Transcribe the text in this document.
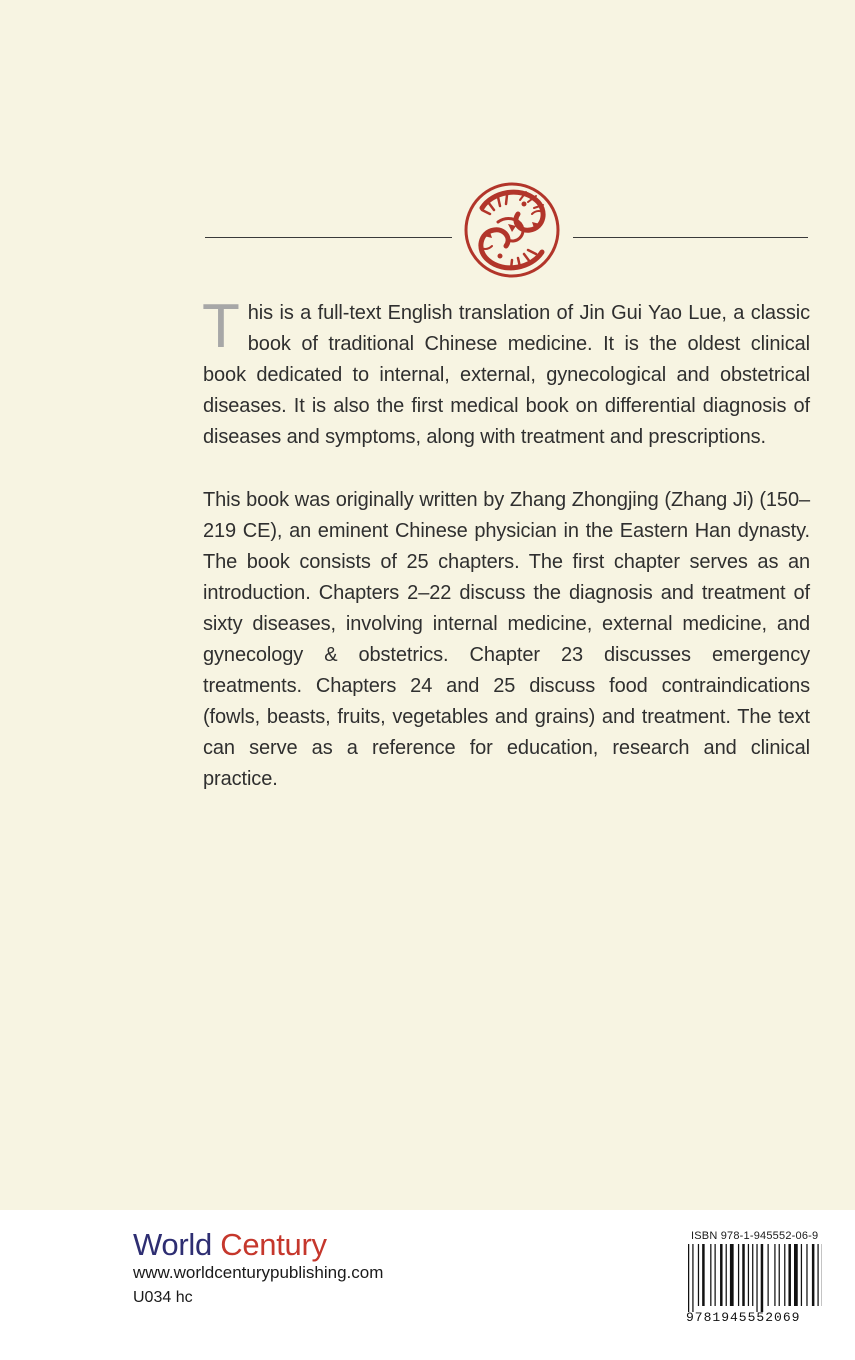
This is a full-text English translation of Jin Gui Yao Lue, a classic book of traditional Chinese medicine. It is the oldest clinical book dedicated to internal, external, gynecological and obstetrical diseases. It is also the first medical book on differential diagnosis of diseases and symptoms, along with treatment and prescriptions.

This book was originally written by Zhang Zhongjing (Zhang Ji) (150–219 CE), an eminent Chinese physician in the Eastern Han dynasty. The book consists of 25 chapters. The first chapter serves as an introduction. Chapters 2–22 discuss the diagnosis and treatment of sixty diseases, involving internal medicine, external medicine, and gynecology & obstetrics. Chapter 23 discusses emergency treatments. Chapters 24 and 25 discuss food contraindications (fowls, beasts, fruits, vegetables and grains) and treatment. The text can serve as a reference for education, research and clinical practice.

World Century
www.worldcenturypublishing.com
U034 hc
ISBN 978-1-945552-06-9
9781945552069
